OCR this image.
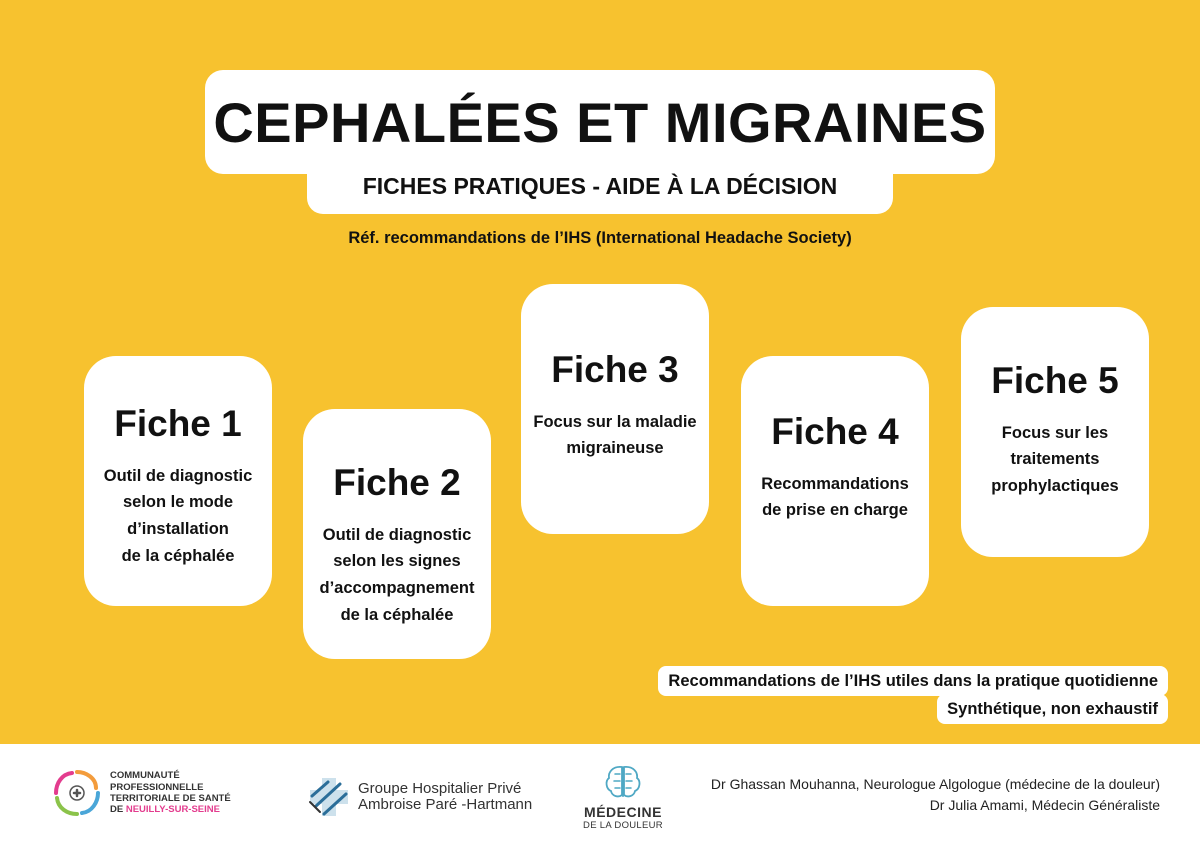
CEPHALÉES ET MIGRAINES
FICHES PRATIQUES - AIDE À LA DÉCISION
Réf. recommandations de l’IHS (International Headache Society)
Fiche 1
Outil de diagnostic
selon le mode
d’installation
de la céphalée
Fiche 2
Outil de diagnostic
selon les signes
d’accompagnement
de la céphalée
Fiche 3
Focus sur la maladie
migraineuse	Fiche 4
Recommandations
de prise en charge
Fiche 5
Focus sur les
traitements
prophylactiques
Recommandations de l’IHS utiles dans la pratique quotidienne
Synthétique, non exhaustif
COMMUNAUTÉ
PROFESSIONNELLE
TERRITORIALE DE SANTÉ
DE NEUILLY-SUR-SEINE
Groupe Hospitalier Privé
Ambroise Paré -Hartmann	MÉDECINE
DE LA DOULEUR
Dr Ghassan Mouhanna, Neurologue Algologue (médecine de la douleur)
Dr Julia Amami, Médecin Généraliste
